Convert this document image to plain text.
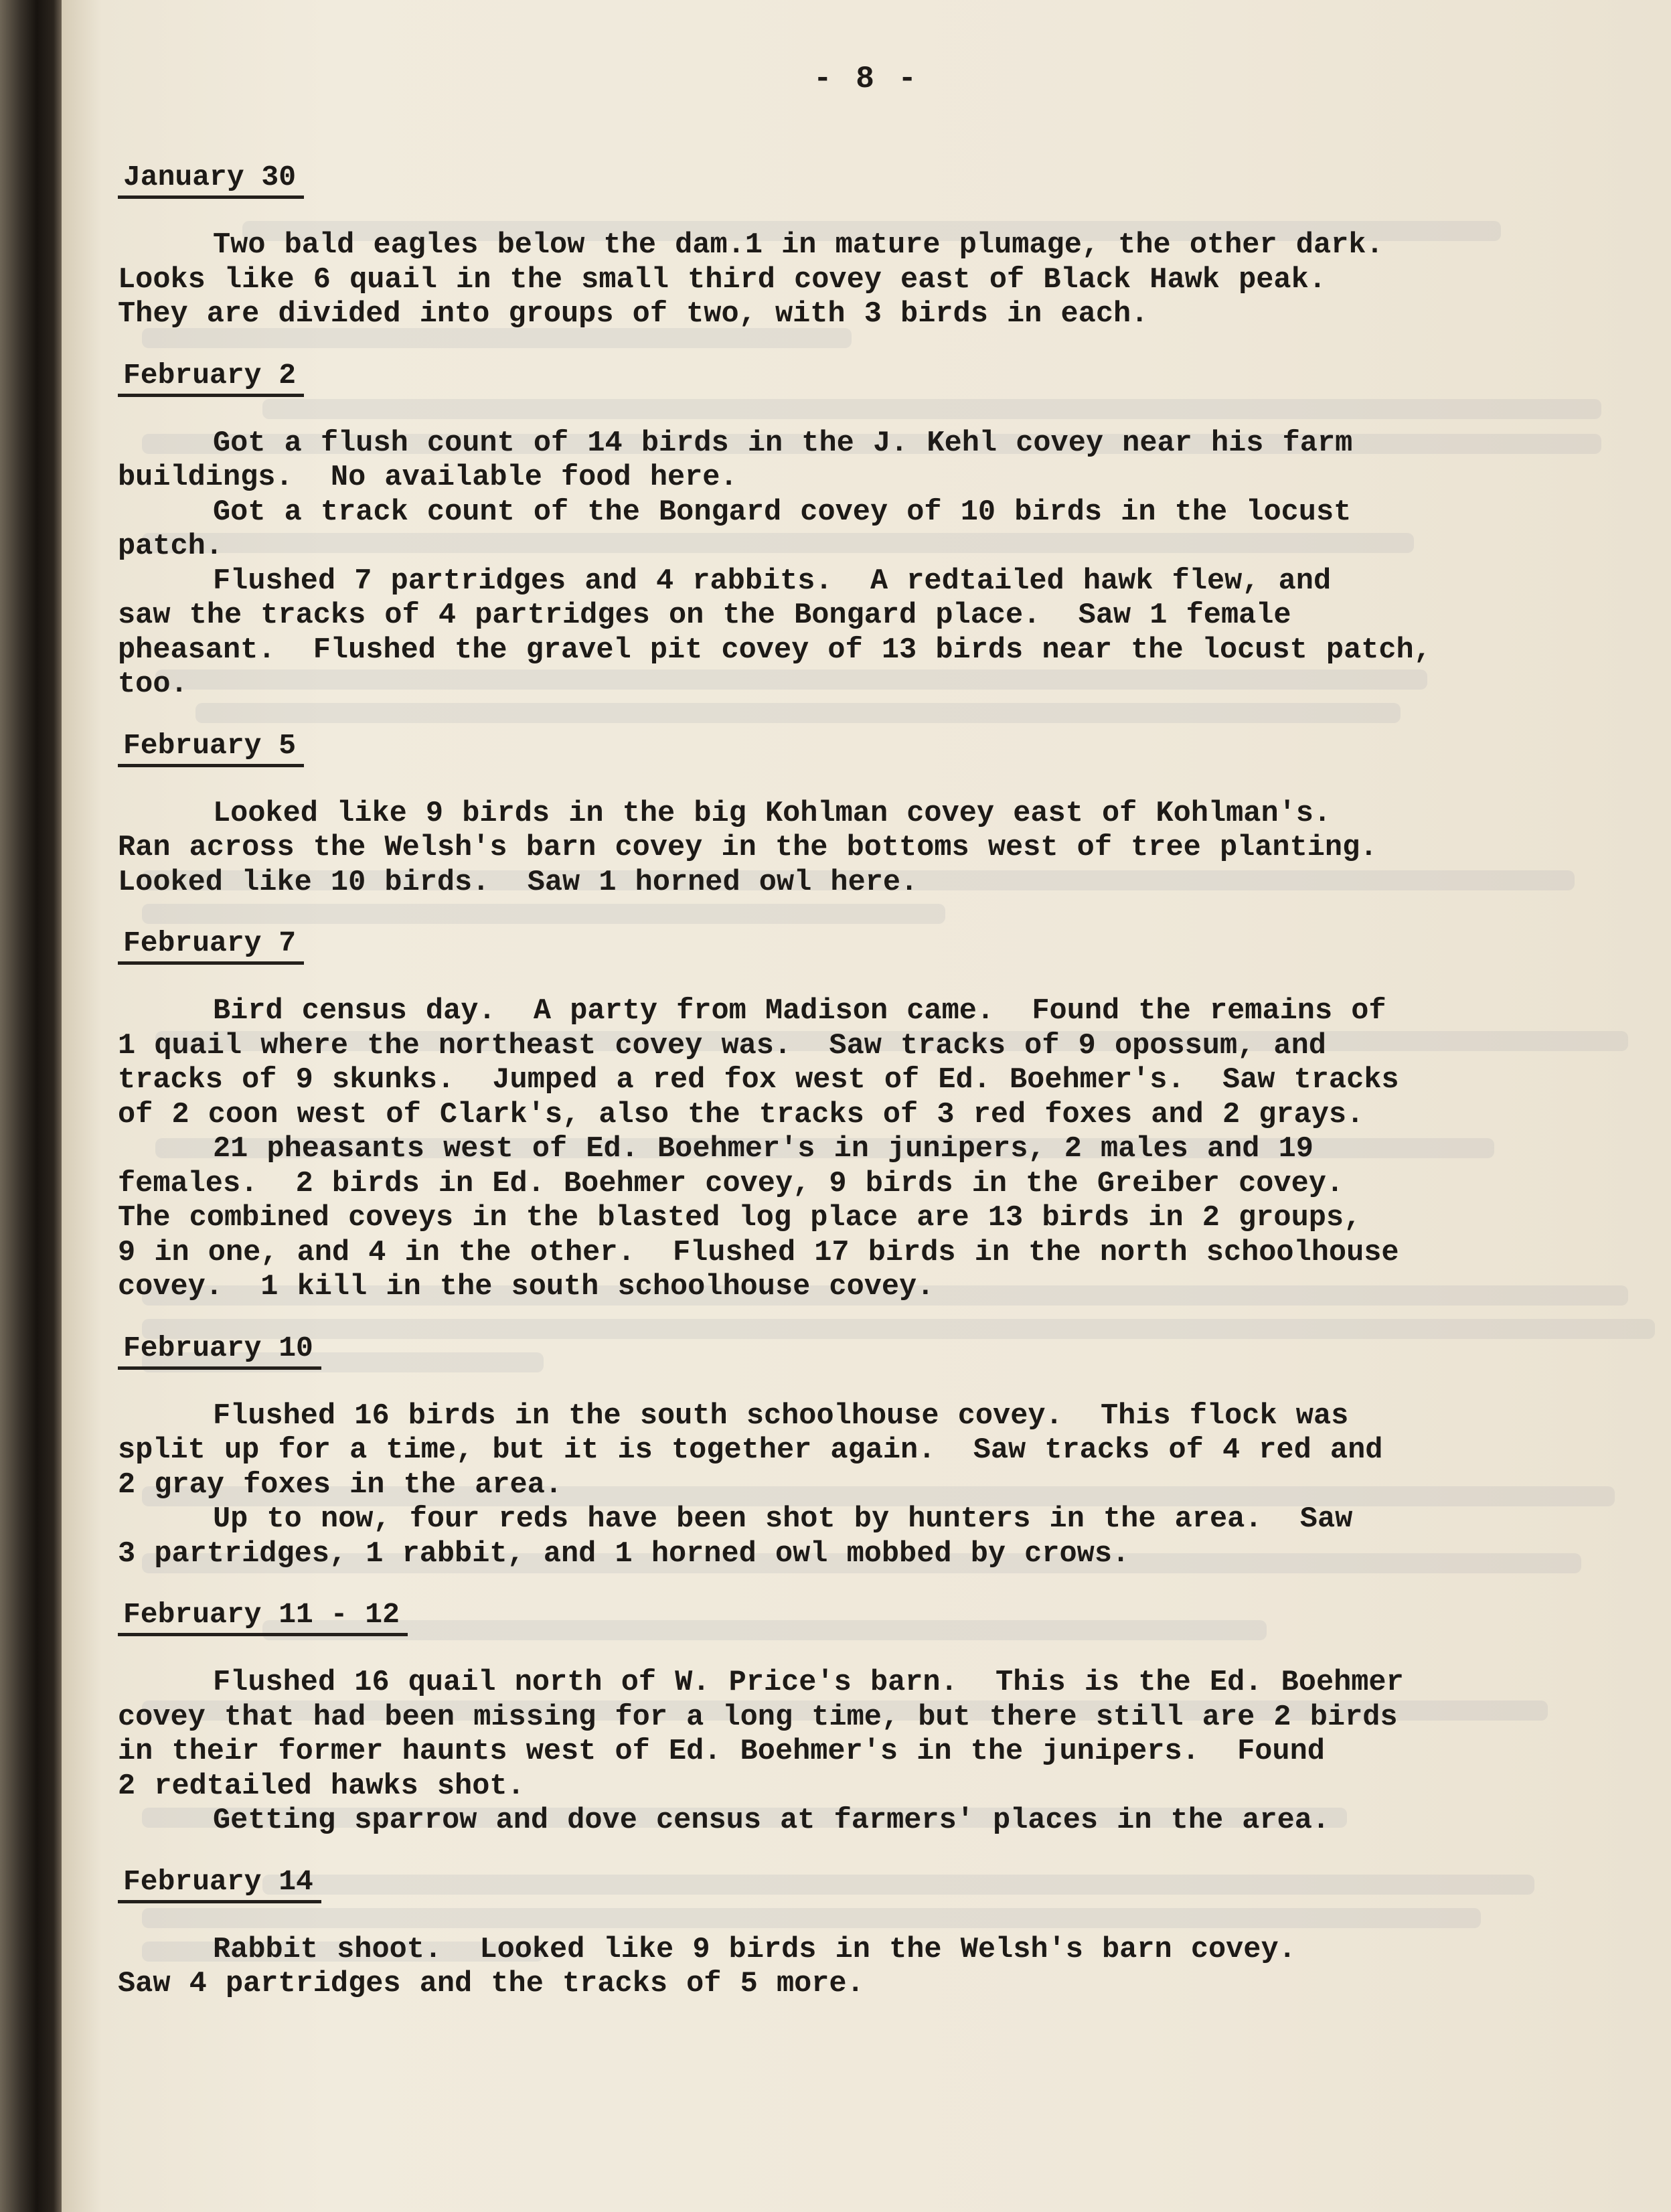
- 8 -
January 30

Two bald eagles below the dam.1 in mature plumage, the other dark.
Looks like 6 quail in the small third covey east of Black Hawk peak.
They are divided into groups of two, with 3 birds in each.

February 2

Got a flush count of 14 birds in the J. Kehl covey near his farm
buildings.  No available food here.

Got a track count of the Bongard covey of 10 birds in the locust
patch.

Flushed 7 partridges and 4 rabbits.  A redtailed hawk flew, and
saw the tracks of 4 partridges on the Bongard place.  Saw 1 female
pheasant.  Flushed the gravel pit covey of 13 birds near the locust patch,
too.

February 5

Looked like 9 birds in the big Kohlman covey east of Kohlman's.
Ran across the Welsh's barn covey in the bottoms west of tree planting.
Looked like 10 birds.  Saw 1 horned owl here.

February 7

Bird census day.  A party from Madison came.  Found the remains of
1 quail where the northeast covey was.  Saw tracks of 9 opossum, and
tracks of 9 skunks.  Jumped a red fox west of Ed. Boehmer's.  Saw tracks
of 2 coon west of Clark's, also the tracks of 3 red foxes and 2 grays.

21 pheasants west of Ed. Boehmer's in junipers, 2 males and 19
females.  2 birds in Ed. Boehmer covey, 9 birds in the Greiber covey.
The combined coveys in the blasted log place are 13 birds in 2 groups,
9 in one, and 4 in the other.  Flushed 17 birds in the north schoolhouse
covey.  1 kill in the south schoolhouse covey.

February 10

Flushed 16 birds in the south schoolhouse covey.  This flock was
split up for a time, but it is together again.  Saw tracks of 4 red and
2 gray foxes in the area.

Up to now, four reds have been shot by hunters in the area.  Saw
3 partridges, 1 rabbit, and 1 horned owl mobbed by crows.

February 11 - 12

Flushed 16 quail north of W. Price's barn.  This is the Ed. Boehmer
covey that had been missing for a long time, but there still are 2 birds
in their former haunts west of Ed. Boehmer's in the junipers.  Found
2 redtailed hawks shot.

Getting sparrow and dove census at farmers' places in the area.

February 14

Rabbit shoot.  Looked like 9 birds in the Welsh's barn covey.
Saw 4 partridges and the tracks of 5 more.
